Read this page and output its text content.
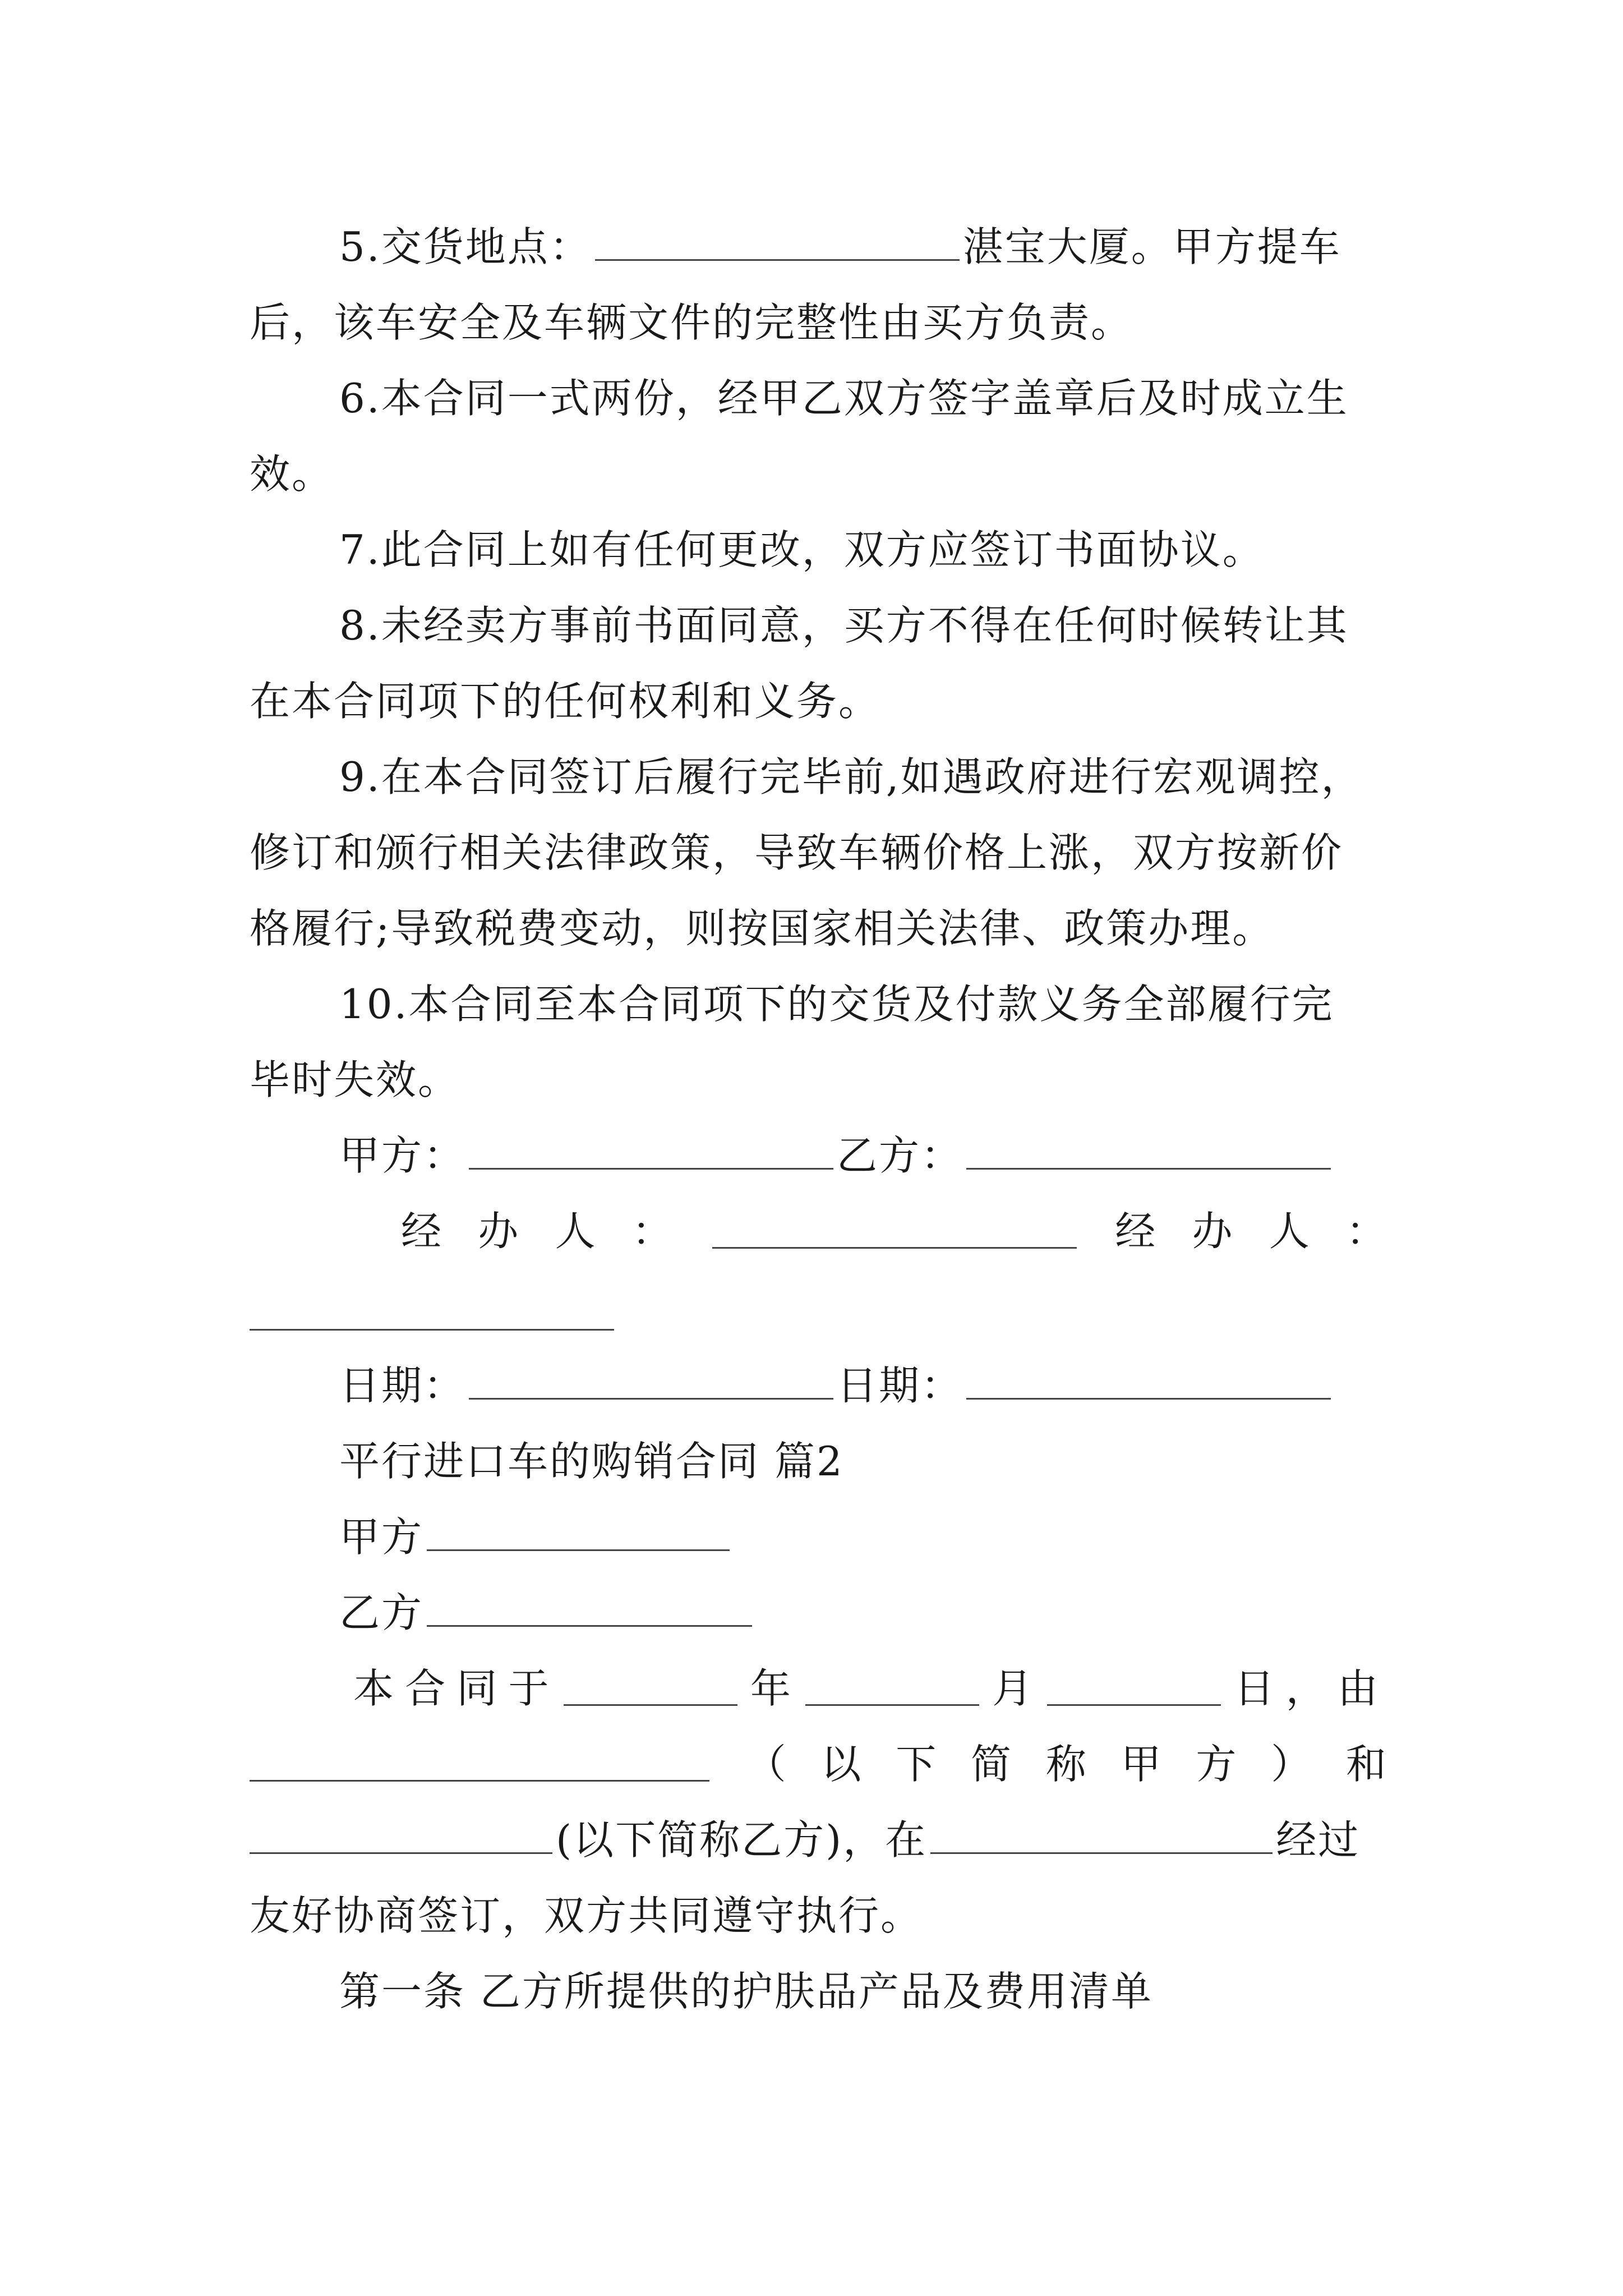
5.交货地点：	湛宝大厦。甲方提车
后，该车安全及车辆文件的完整性由买方负责。
6.本合同一式两份，经甲乙双方签字盖章后及时成立生
效。
7.此合同上如有任何更改，双方应签订书面协议。
8.未经卖方事前书面同意，买方不得在任何时候转让其
在本合同项下的任何权利和义务。
9.在本合同签订后履行完毕前,如遇政府进行宏观调控，
修订和颁行相关法律政策，导致车辆价格上涨，双方按新价
格履行;导致税费变动，则按国家相关法律、政策办理。
10.本合同至本合同项下的交货及付款义务全部履行完
毕时失效。
甲方：	乙方：
经 办 人 ：	经 办 人 ：
日期：	日期：
平行进口车的购销合同 篇2
甲方
乙方
本 合 同 于	年	月	日 ， 由
（ 以 下 简 称 甲 方 ） 和
(以下简称乙方)，在	经过
友好协商签订，双方共同遵守执行。
第一条 乙方所提供的护肤品产品及费用清单
